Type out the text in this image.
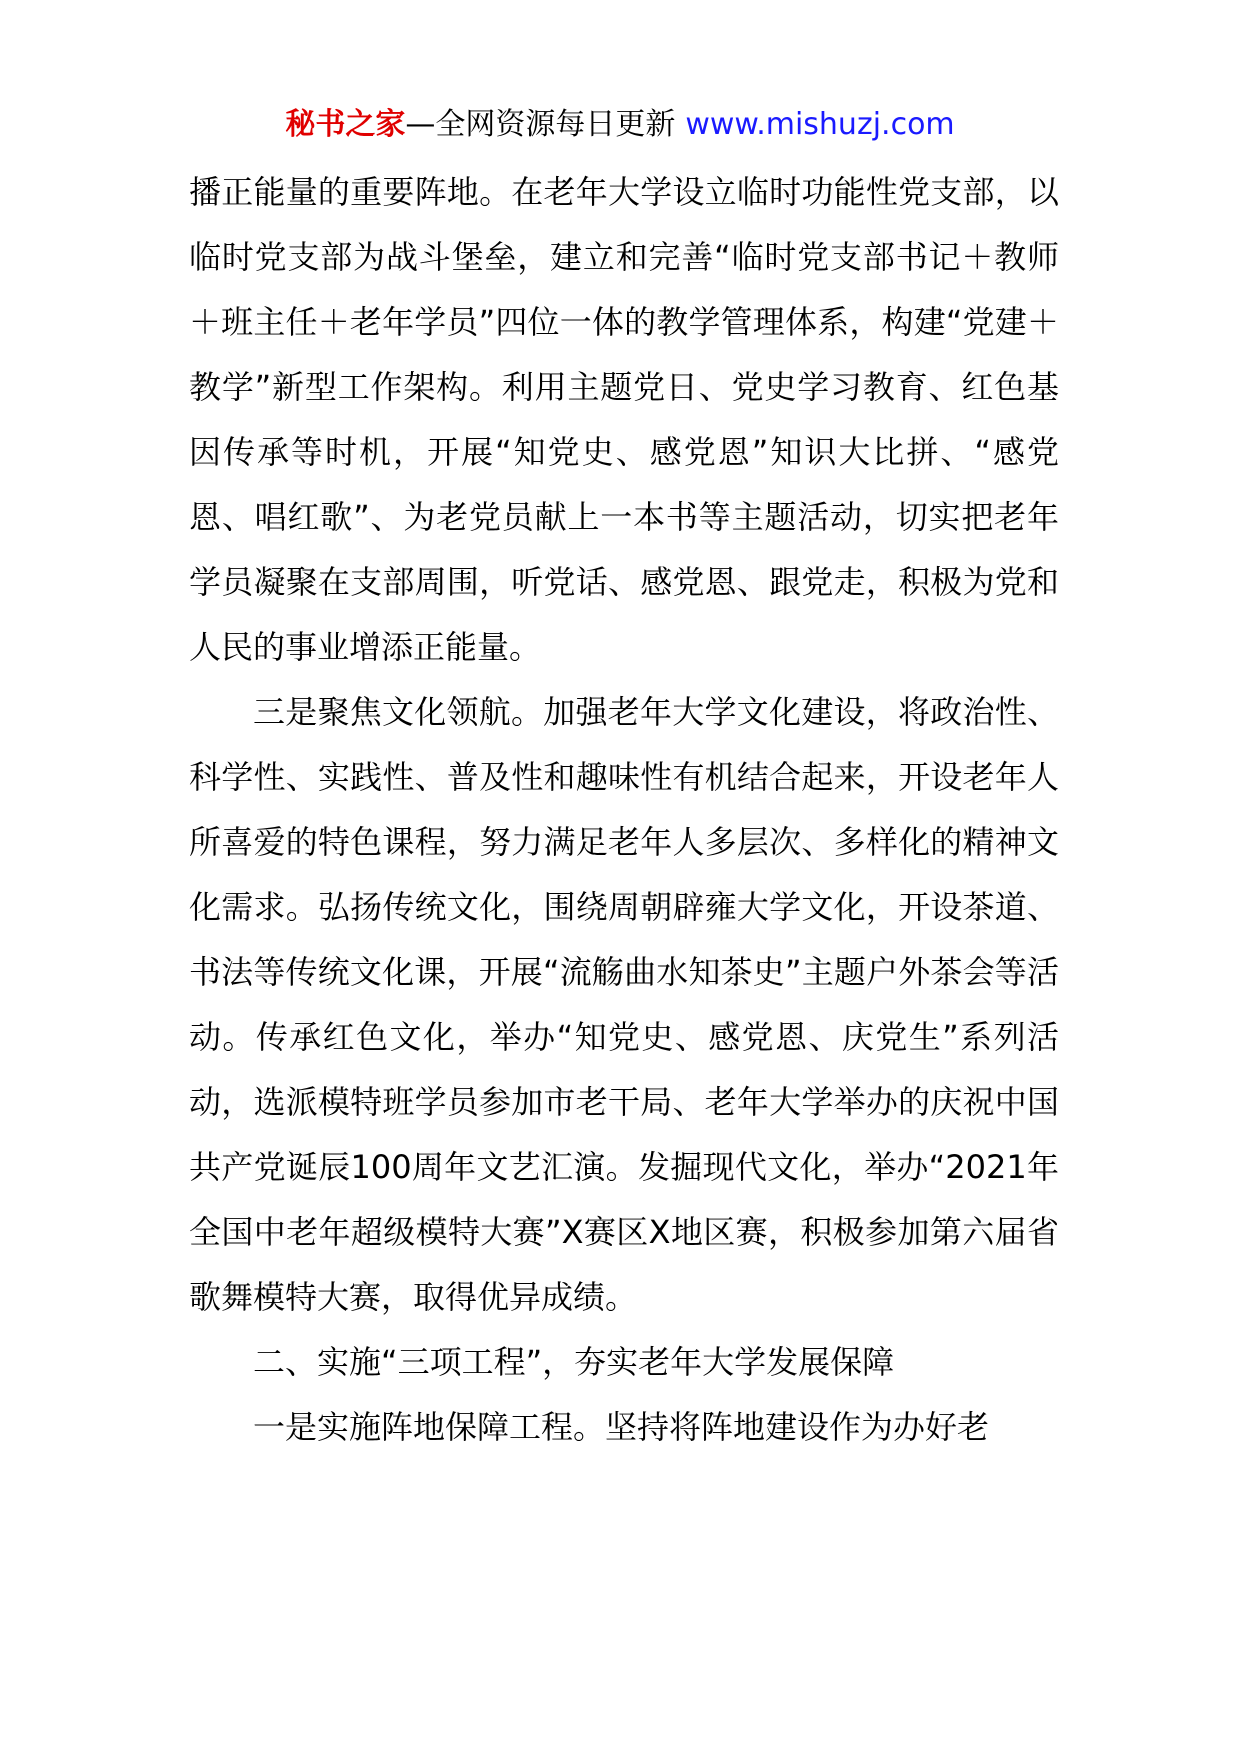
秘书之家—全网资源每日更新 www.mishuzj.com

播正能量的重要阵地。在老年大学设立临时功能性党支部，以临时党支部为战斗堡垒，建立和完善“临时党支部书记＋教师＋班主任＋老年学员”四位一体的教学管理体系，构建“党建＋教学”新型工作架构。利用主题党日、党史学习教育、红色基因传承等时机，开展“知党史、感党恩”知识大比拼、“感党恩、唱红歌”、为老党员献上一本书等主题活动，切实把老年学员凝聚在支部周围，听党话、感党恩、跟党走，积极为党和人民的事业增添正能量。

三是聚焦文化领航。加强老年大学文化建设，将政治性、科学性、实践性、普及性和趣味性有机结合起来，开设老年人所喜爱的特色课程，努力满足老年人多层次、多样化的精神文化需求。弘扬传统文化，围绕周朝辟雍大学文化，开设茶道、书法等传统文化课，开展“流觞曲水知茶史”主题户外茶会等活动。传承红色文化，举办“知党史、感党恩、庆党生”系列活动，选派模特班学员参加市老干局、老年大学举办的庆祝中国共产党诞辰100周年文艺汇演。发掘现代文化，举办“2021年全国中老年超级模特大赛”X赛区X地区赛，积极参加第六届省歌舞模特大赛，取得优异成绩。

二、实施“三项工程”，夯实老年大学发展保障

一是实施阵地保障工程。坚持将阵地建设作为办好老
